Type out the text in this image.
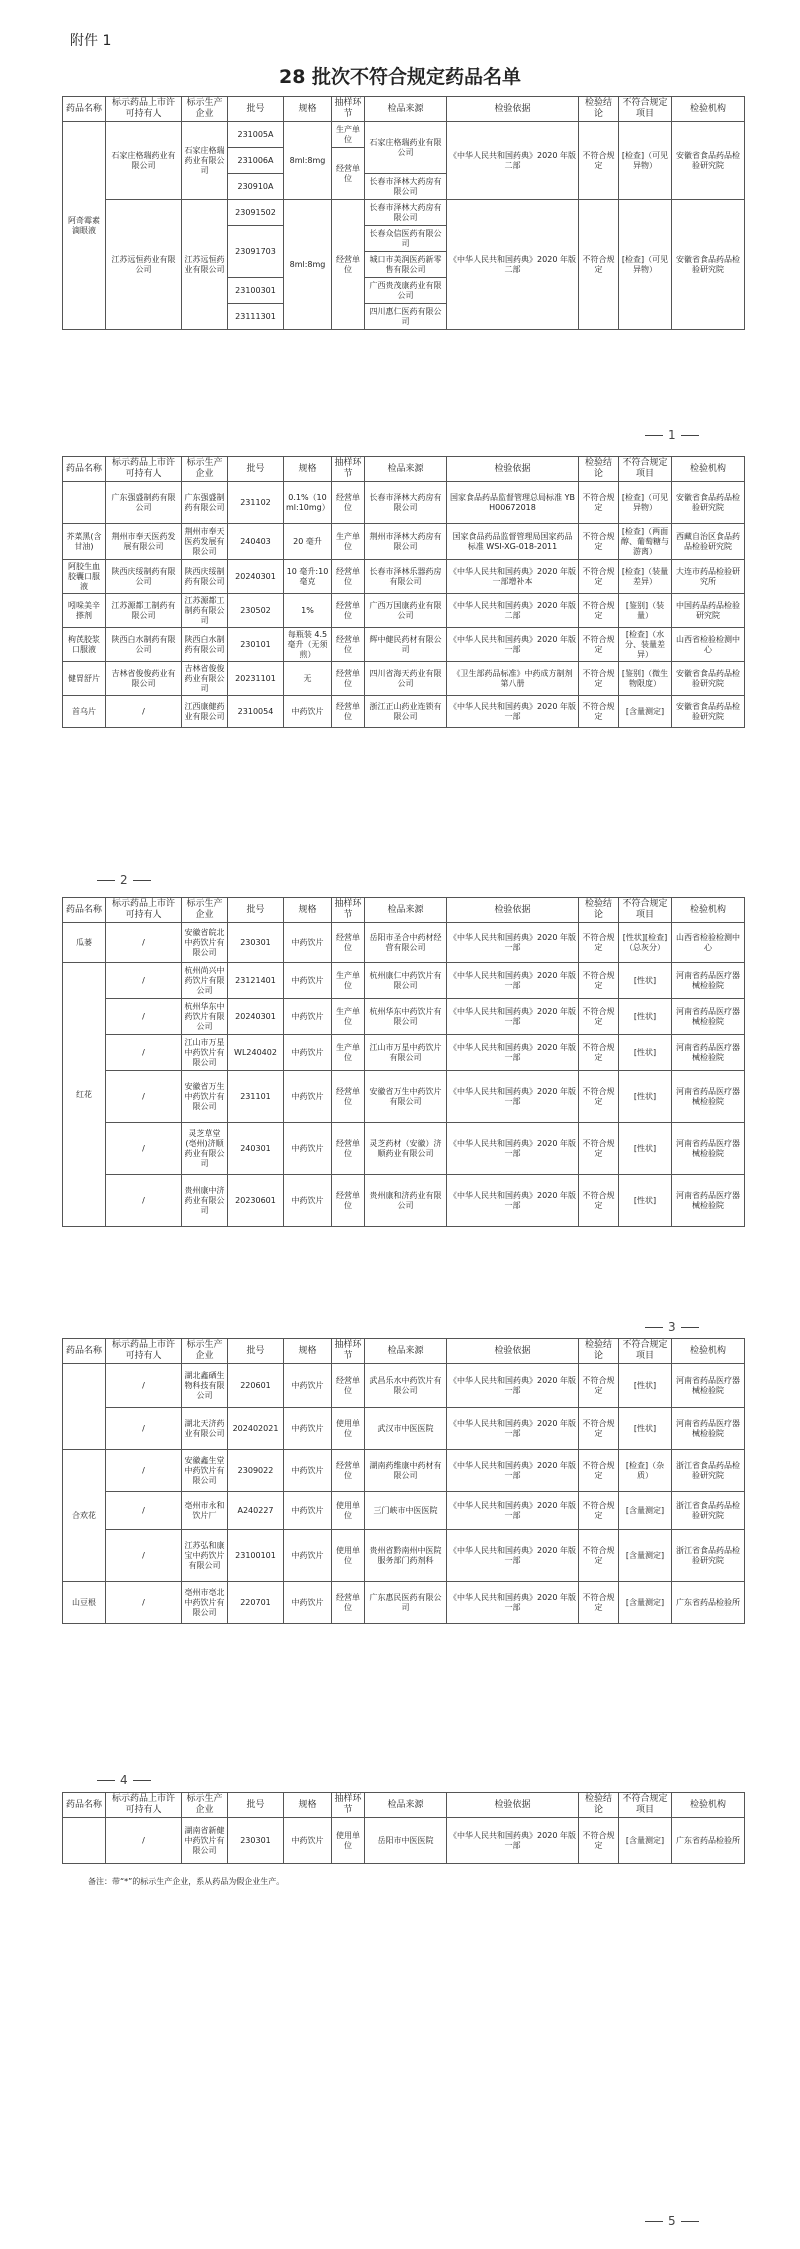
附件 1
28 批次不符合规定药品名单
药品名称	标示药品上市许可持有人	标示生产企业	批号	规格	抽样环节	检品来源	检验依据	检验结论	不符合规定项目	检验机构
阿奇霉素滴眼液	石家庄格瑞药业有限公司	石家庄格瑞药业有限公司	231005A	8ml:8mg	生产单位	石家庄格瑞药业有限公司	《中华人民共和国药典》2020 年版二部	不符合规定	[检查]（可见异物）	安徽省食品药品检验研究院
			231006A		经营单位					
			230910A			长春市泽林大药房有限公司				
	江苏远恒药业有限公司	江苏远恒药业有限公司	23091502	8ml:8mg	经营单位	长春市泽林大药房有限公司	《中华人民共和国药典》2020 年版二部	不符合规定	[检查]（可见异物）	安徽省食品药品检验研究院
			23091703			长春众信医药有限公司				
						城口市美润医药新零售有限公司				
			23100301			广西贵茂康药业有限公司				
			23111301			四川惠仁医药有限公司				
1
药品名称	标示药品上市许可持有人	标示生产企业	批号	规格	抽样环节	检品来源	检验依据	检验结论	不符合规定项目	检验机构
	广东强盛制药有限公司	广东强盛制药有限公司	231102	0.1%（10ml:10mg）	经营单位	长春市泽林大药房有限公司	国家食品药品监督管理总局标准 YBH00672018	不符合规定	[检查]（可见异物）	安徽省食品药品检验研究院
芥菜黑(含甘油)	荆州市奉天医药发展有限公司	荆州市奉天医药发展有限公司	240403	20 毫升	生产单位	荆州市泽林大药房有限公司	国家食品药品监督管理局国家药品标准 WSI-XG-018-2011	不符合规定	[检查]（两面醇、葡萄糖与游离）	西藏自治区食品药品检验研究院
阿胶生血胶囊口服液	陕西庆绥制药有限公司	陕西庆绥制药有限公司	20240301	10 毫升:10 毫克	经营单位	长春市泽林乐器药房有限公司	《中华人民共和国药典》2020 年版一部增补本	不符合规定	[检查]（装量差异）	大连市药品检验研究所
吲哚美辛搽剂	江苏源都工制药有限公司	江苏源都工制药有限公司	230502	1%	经营单位	广西万国康药业有限公司	《中华人民共和国药典》2020 年版二部	不符合规定	[鉴别]（装量）	中国药品药品检验研究院
枸芪胶浆口服液	陕西白水制药有限公司	陕西白水制药有限公司	230101	每瓶装 4.5毫升（无须煎）	经营单位	辉中健民药材有限公司	《中华人民共和国药典》2020 年版一部	不符合规定	[检查]（水分、装量差异）	山西省检验检测中心
健胃舒片	吉林省俊俊药业有限公司	吉林省俊俊药业有限公司	20231101	无	经营单位	四川省海天药业有限公司	《卫生部药品标准》中药成方制剂第八册	不符合规定	[鉴别]（微生物限度）	安徽省食品药品检验研究院
首乌片	/	江西康健药业有限公司	2310054	中药饮片	经营单位	浙江正山药业连锁有限公司	《中华人民共和国药典》2020 年版一部	不符合规定	[含量测定]	安徽省食品药品检验研究院
2
药品名称	标示药品上市许可持有人	标示生产企业	批号	规格	抽样环节	检品来源	检验依据	检验结论	不符合规定项目	检验机构
瓜蒌	/	安徽省皖北中药饮片有限公司	230301	中药饮片	经营单位	岳阳市圣合中药材经营有限公司	《中华人民共和国药典》2020 年版一部	不符合规定	[性状][检查]（总灰分）	山西省检验检测中心
红花	/	杭州尚兴中药饮片有限公司	23121401	中药饮片	生产单位	杭州康仁中药饮片有限公司	《中华人民共和国药典》2020 年版一部	不符合规定	[性状]	河南省药品医疗器械检验院
	/	杭州华东中药饮片有限公司	20240301	中药饮片	生产单位	杭州华东中药饮片有限公司	《中华人民共和国药典》2020 年版一部	不符合规定	[性状]	河南省药品医疗器械检验院
	/	江山市万星中药饮片有限公司	WL240402	中药饮片	生产单位	江山市万星中药饮片有限公司	《中华人民共和国药典》2020 年版一部	不符合规定	[性状]	河南省药品医疗器械检验院
	/	安徽省万生中药饮片有限公司	231101	中药饮片	经营单位	安徽省万生中药饮片有限公司	《中华人民共和国药典》2020 年版一部	不符合规定	[性状]	河南省药品医疗器械检验院
	/	灵芝草堂(亳州)济顺药业有限公司	240301	中药饮片	经营单位	灵芝药材（安徽）济顺药业有限公司	《中华人民共和国药典》2020 年版一部	不符合规定	[性状]	河南省药品医疗器械检验院
	/	贵州康中济药业有限公司	20230601	中药饮片	经营单位	贵州康和济药业有限公司	《中华人民共和国药典》2020 年版一部	不符合规定	[性状]	河南省药品医疗器械检验院
3
药品名称	标示药品上市许可持有人	标示生产企业	批号	规格	抽样环节	检品来源	检验依据	检验结论	不符合规定项目	检验机构
	/	湖北鑫硒生物科技有限公司	220601	中药饮片	经营单位	武昌乐水中药饮片有限公司	《中华人民共和国药典》2020 年版一部	不符合规定	[性状]	河南省药品医疗器械检验院
	/	湖北天济药业有限公司	202402021	中药饮片	使用单位	武汉市中医医院	《中华人民共和国药典》2020 年版一部	不符合规定	[性状]	河南省药品医疗器械检验院
合欢花	/	安徽鑫生堂中药饮片有限公司	2309022	中药饮片	经营单位	湖南药维康中药材有限公司	《中华人民共和国药典》2020 年版一部	不符合规定	[检查]（杂质）	浙江省食品药品检验研究院
	/	亳州市永和饮片厂	A240227	中药饮片	使用单位	三门峡市中医医院	《中华人民共和国药典》2020 年版一部	不符合规定	[含量测定]	浙江省食品药品检验研究院
	/	江苏弘和康宝中药饮片有限公司	23100101	中药饮片	使用单位	贵州省黔南州中医院服务部门药剂科	《中华人民共和国药典》2020 年版一部	不符合规定	[含量测定]	浙江省食品药品检验研究院
山豆根	/	亳州市亳北中药饮片有限公司	220701	中药饮片	经营单位	广东惠民医药有限公司	《中华人民共和国药典》2020 年版一部	不符合规定	[含量测定]	广东省药品检验所
4
药品名称	标示药品上市许可持有人	标示生产企业	批号	规格	抽样环节	检品来源	检验依据	检验结论	不符合规定项目	检验机构
	/	湖南省新健中药饮片有限公司	230301	中药饮片	使用单位	岳阳市中医医院	《中华人民共和国药典》2020 年版一部	不符合规定	[含量测定]	广东省药品检验所
备注：带“*”的标示生产企业，系从药品为假企业生产。
5
